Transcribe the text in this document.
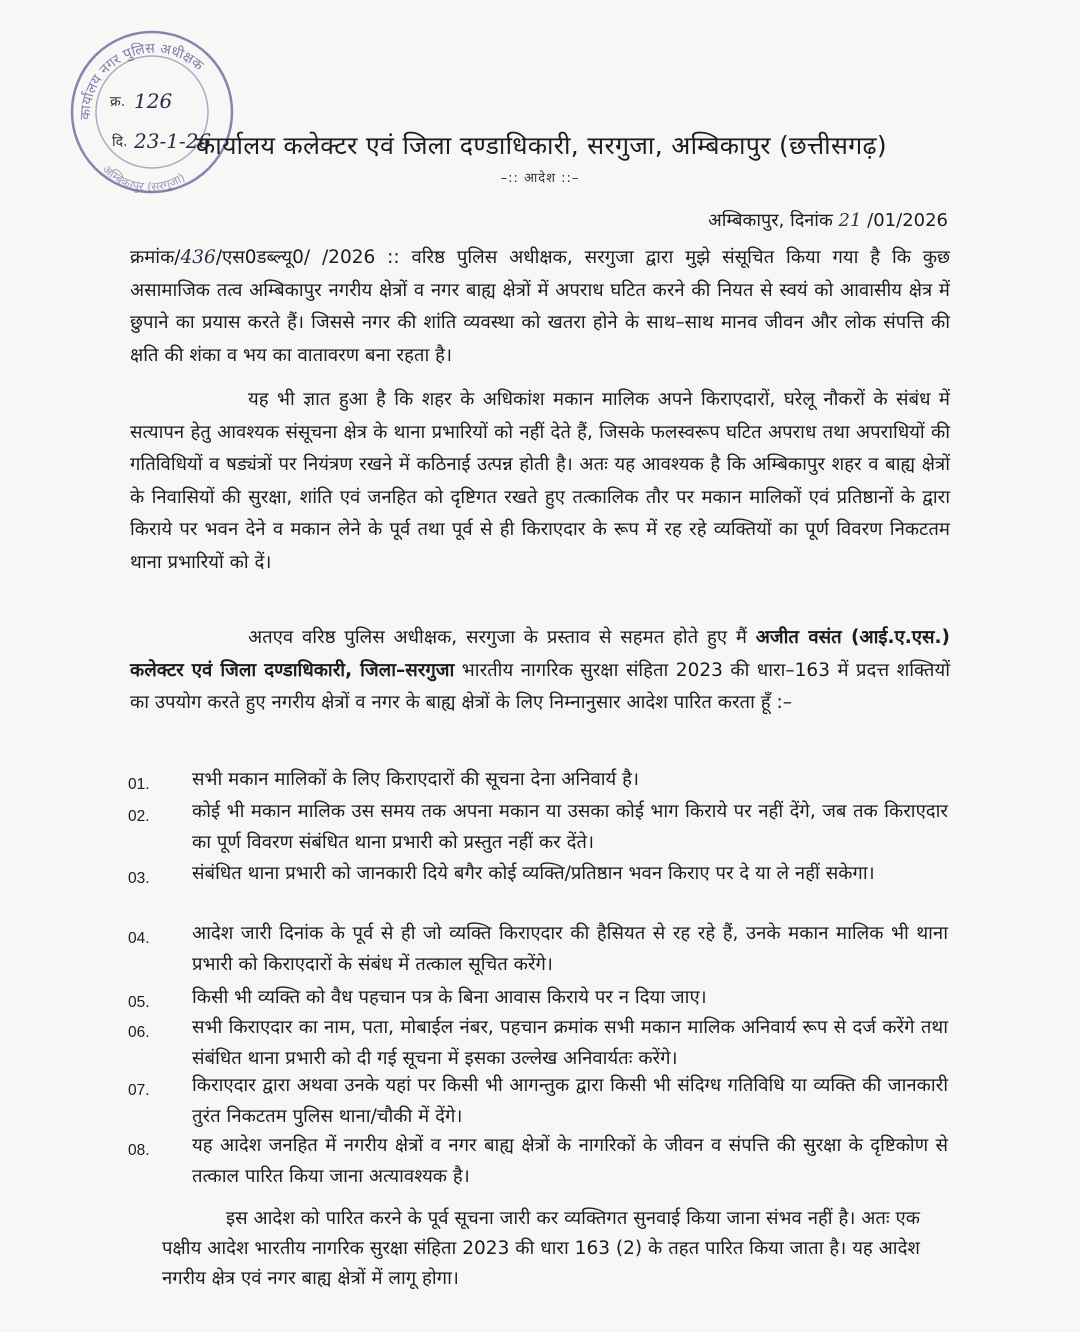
कार्यालय नगर पुलिस अधीक्षक
अम्बिकापुर (सरगुजा)
क्र. 126
दि. 23-1-26
कार्यालय कलेक्टर एवं जिला दण्डाधिकारी, सरगुजा, अम्बिकापुर (छत्तीसगढ़)
–:: आदेश ::–
अम्बिकापुर, दिनांक 21 /01/2026

क्रमांक/436/एस0डब्ल्यू0/ /2026 :: वरिष्ठ पुलिस अधीक्षक, सरगुजा द्वारा मुझे संसूचित किया गया है कि कुछ असामाजिक तत्व अम्बिकापुर नगरीय क्षेत्रों व नगर बाह्य क्षेत्रों में अपराध घटित करने की नियत से स्वयं को आवासीय क्षेत्र में छुपाने का प्रयास करते हैं। जिससे नगर की शांति व्यवस्था को खतरा होने के साथ–साथ मानव जीवन और लोक संपत्ति की क्षति की शंका व भय का वातावरण बना रहता है।

यह भी ज्ञात हुआ है कि शहर के अधिकांश मकान मालिक अपने किराएदारों, घरेलू नौकरों के संबंध में सत्यापन हेतु आवश्यक संसूचना क्षेत्र के थाना प्रभारियों को नहीं देते हैं, जिसके फलस्वरूप घटित अपराध तथा अपराधियों की गतिविधियों व षड्यंत्रों पर नियंत्रण रखने में कठिनाई उत्पन्न होती है। अतः यह आवश्यक है कि अम्बिकापुर शहर व बाह्य क्षेत्रों के निवासियों की सुरक्षा, शांति एवं जनहित को दृष्टिगत रखते हुए तत्कालिक तौर पर मकान मालिकों एवं प्रतिष्ठानों के द्वारा किराये पर भवन देने व मकान लेने के पूर्व तथा पूर्व से ही किराएदार के रूप में रह रहे व्यक्तियों का पूर्ण विवरण निकटतम थाना प्रभारियों को दें।

अतएव वरिष्ठ पुलिस अधीक्षक, सरगुजा के प्रस्ताव से सहमत होते हुए मैं अजीत वसंत (आई.ए.एस.) कलेक्टर एवं जिला दण्डाधिकारी, जिला–सरगुजा भारतीय नागरिक सुरक्षा संहिता 2023 की धारा–163 में प्रदत्त शक्तियों का उपयोग करते हुए नगरीय क्षेत्रों व नगर के बाह्य क्षेत्रों के लिए निम्नानुसार आदेश पारित करता हूँ :–

01.	सभी मकान मालिकों के लिए किराएदारों की सूचना देना अनिवार्य है।
02.	कोई भी मकान मालिक उस समय तक अपना मकान या उसका कोई भाग किराये पर नहीं देंगे, जब तक किराएदार का पूर्ण विवरण संबंधित थाना प्रभारी को प्रस्तुत नहीं कर देंते।
03.	संबंधित थाना प्रभारी को जानकारी दिये बगैर कोई व्यक्ति/प्रतिष्ठान भवन किराए पर दे या ले नहीं सकेगा।
04.	आदेश जारी दिनांक के पूर्व से ही जो व्यक्ति किराएदार की हैसियत से रह रहे हैं, उनके मकान मालिक भी थाना प्रभारी को किराएदारों के संबंध में तत्काल सूचित करेंगे।
05.	किसी भी व्यक्ति को वैध पहचान पत्र के बिना आवास किराये पर न दिया जाए।
06.	सभी किराएदार का नाम, पता, मोबाईल नंबर, पहचान क्रमांक सभी मकान मालिक अनिवार्य रूप से दर्ज करेंगे तथा संबंधित थाना प्रभारी को दी गई सूचना में इसका उल्लेख अनिवार्यतः करेंगे।
07.	किराएदार द्वारा अथवा उनके यहां पर किसी भी आगन्तुक द्वारा किसी भी संदिग्ध गतिविधि या व्यक्ति की जानकारी तुरंत निकटतम पुलिस थाना/चौकी में देंगे।
08.	यह आदेश जनहित में नगरीय क्षेत्रों व नगर बाह्य क्षेत्रों के नागरिकों के जीवन व संपत्ति की सुरक्षा के दृष्टिकोण से तत्काल पारित किया जाना अत्यावश्यक है।

इस आदेश को पारित करने के पूर्व सूचना जारी कर व्यक्तिगत सुनवाई किया जाना संभव नहीं है। अतः एक पक्षीय आदेश भारतीय नागरिक सुरक्षा संहिता 2023 की धारा 163 (2) के तहत पारित किया जाता है। यह आदेश नगरीय क्षेत्र एवं नगर बाह्य क्षेत्रों में लागू होगा।
